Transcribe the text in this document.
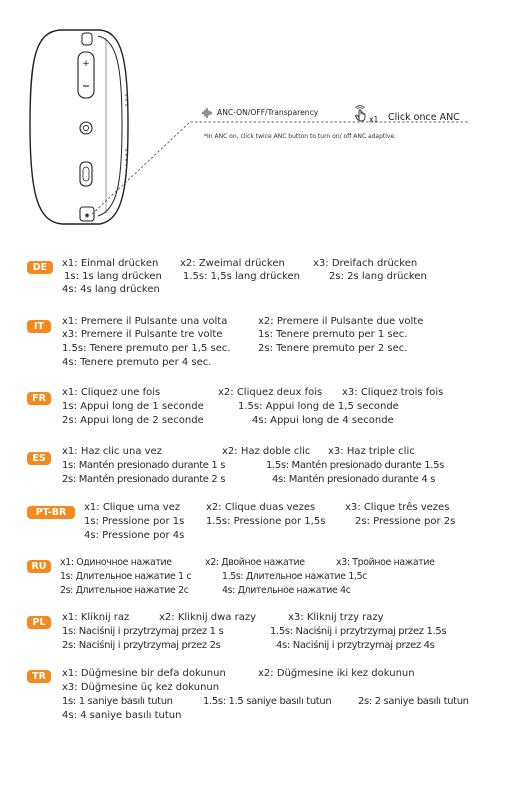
+
◉
ANC-ON/OFF/Transparency
x1 Click once ANC
*In ANC on, click twice ANC button to turn on/ off ANC adaptive.
DE	x1: Einmal drücken x2: Zweimal drücken	x3: Dreifach drücken
1s: 1s lang drücken 1.5s: 1,5s lang drücken	2s: 2s lang drücken
4s: 4s lang drücken
IT	x1: Premere il Pulsante una volta	x2: Premere il Pulsante due volte
x3: Premere il Pulsante tre volte	1s: Tenere premuto per 1 sec.
1.5s: Tenere premuto per 1,5 sec.	2s: Tenere premuto per 2 sec.
4s: Tenere premuto per 4 sec.
FR
x1: Cliquez une fois	x2: Cliquez deux fois x3: Cliquez trois fois
1s: Appui long de 1 seconde	1.5s: Appui long de 1,5 seconde
2s: Appui long de 2 seconde	4s: Appui long de 4 seconde
ES
x1: Haz clic una vez	x2: Haz doble clic x3: Haz triple clic
1s: Mantén presionado durante 1 s	1.5s: Mantén presionado durante 1.5s
2s: Mantén presionado durante 2 s	4s: Mantén presionado durante 4 s
PT-BR	x1: Clique uma vez	x2: Clique duas vezes	x3: Clique três vezes
1s: Pressione por 1s 1.5s: Pressione por 1,5s	2s: Pressione por 2s
4s: Pressione por 4s
RU	x1: Одиночное нажатие	x2: Двойное нажатие	x3: Тройное нажатие
1s: Длительное нажатие 1 с	1.5s: Длительное нажатие 1,5с
2s: Длительное нажатие 2с	4s: Длительное нажатие 4с
PL	x1: Kliknij raz	x2: Kliknij dwa razy	x3: Kliknij trzy razy
1s: Naciśnij i przytrzymaj przez 1 s	1.5s: Naciśnij i przytrzymaj przez 1.5s
2s: Naciśnij i przytrzymaj przez 2s	4s: Naciśnij i przytrzymaj przez 4s
TR	x1: Düğmesine bir defa dokunun	x2: Düğmesine iki kez dokunun
x3: Düğmesine üç kez dokunun
1s: 1 saniye basılı tutun	1.5s: 1.5 saniye basılı tutun	2s: 2 saniye basılı tutun
4s: 4 saniye basılı tutun
